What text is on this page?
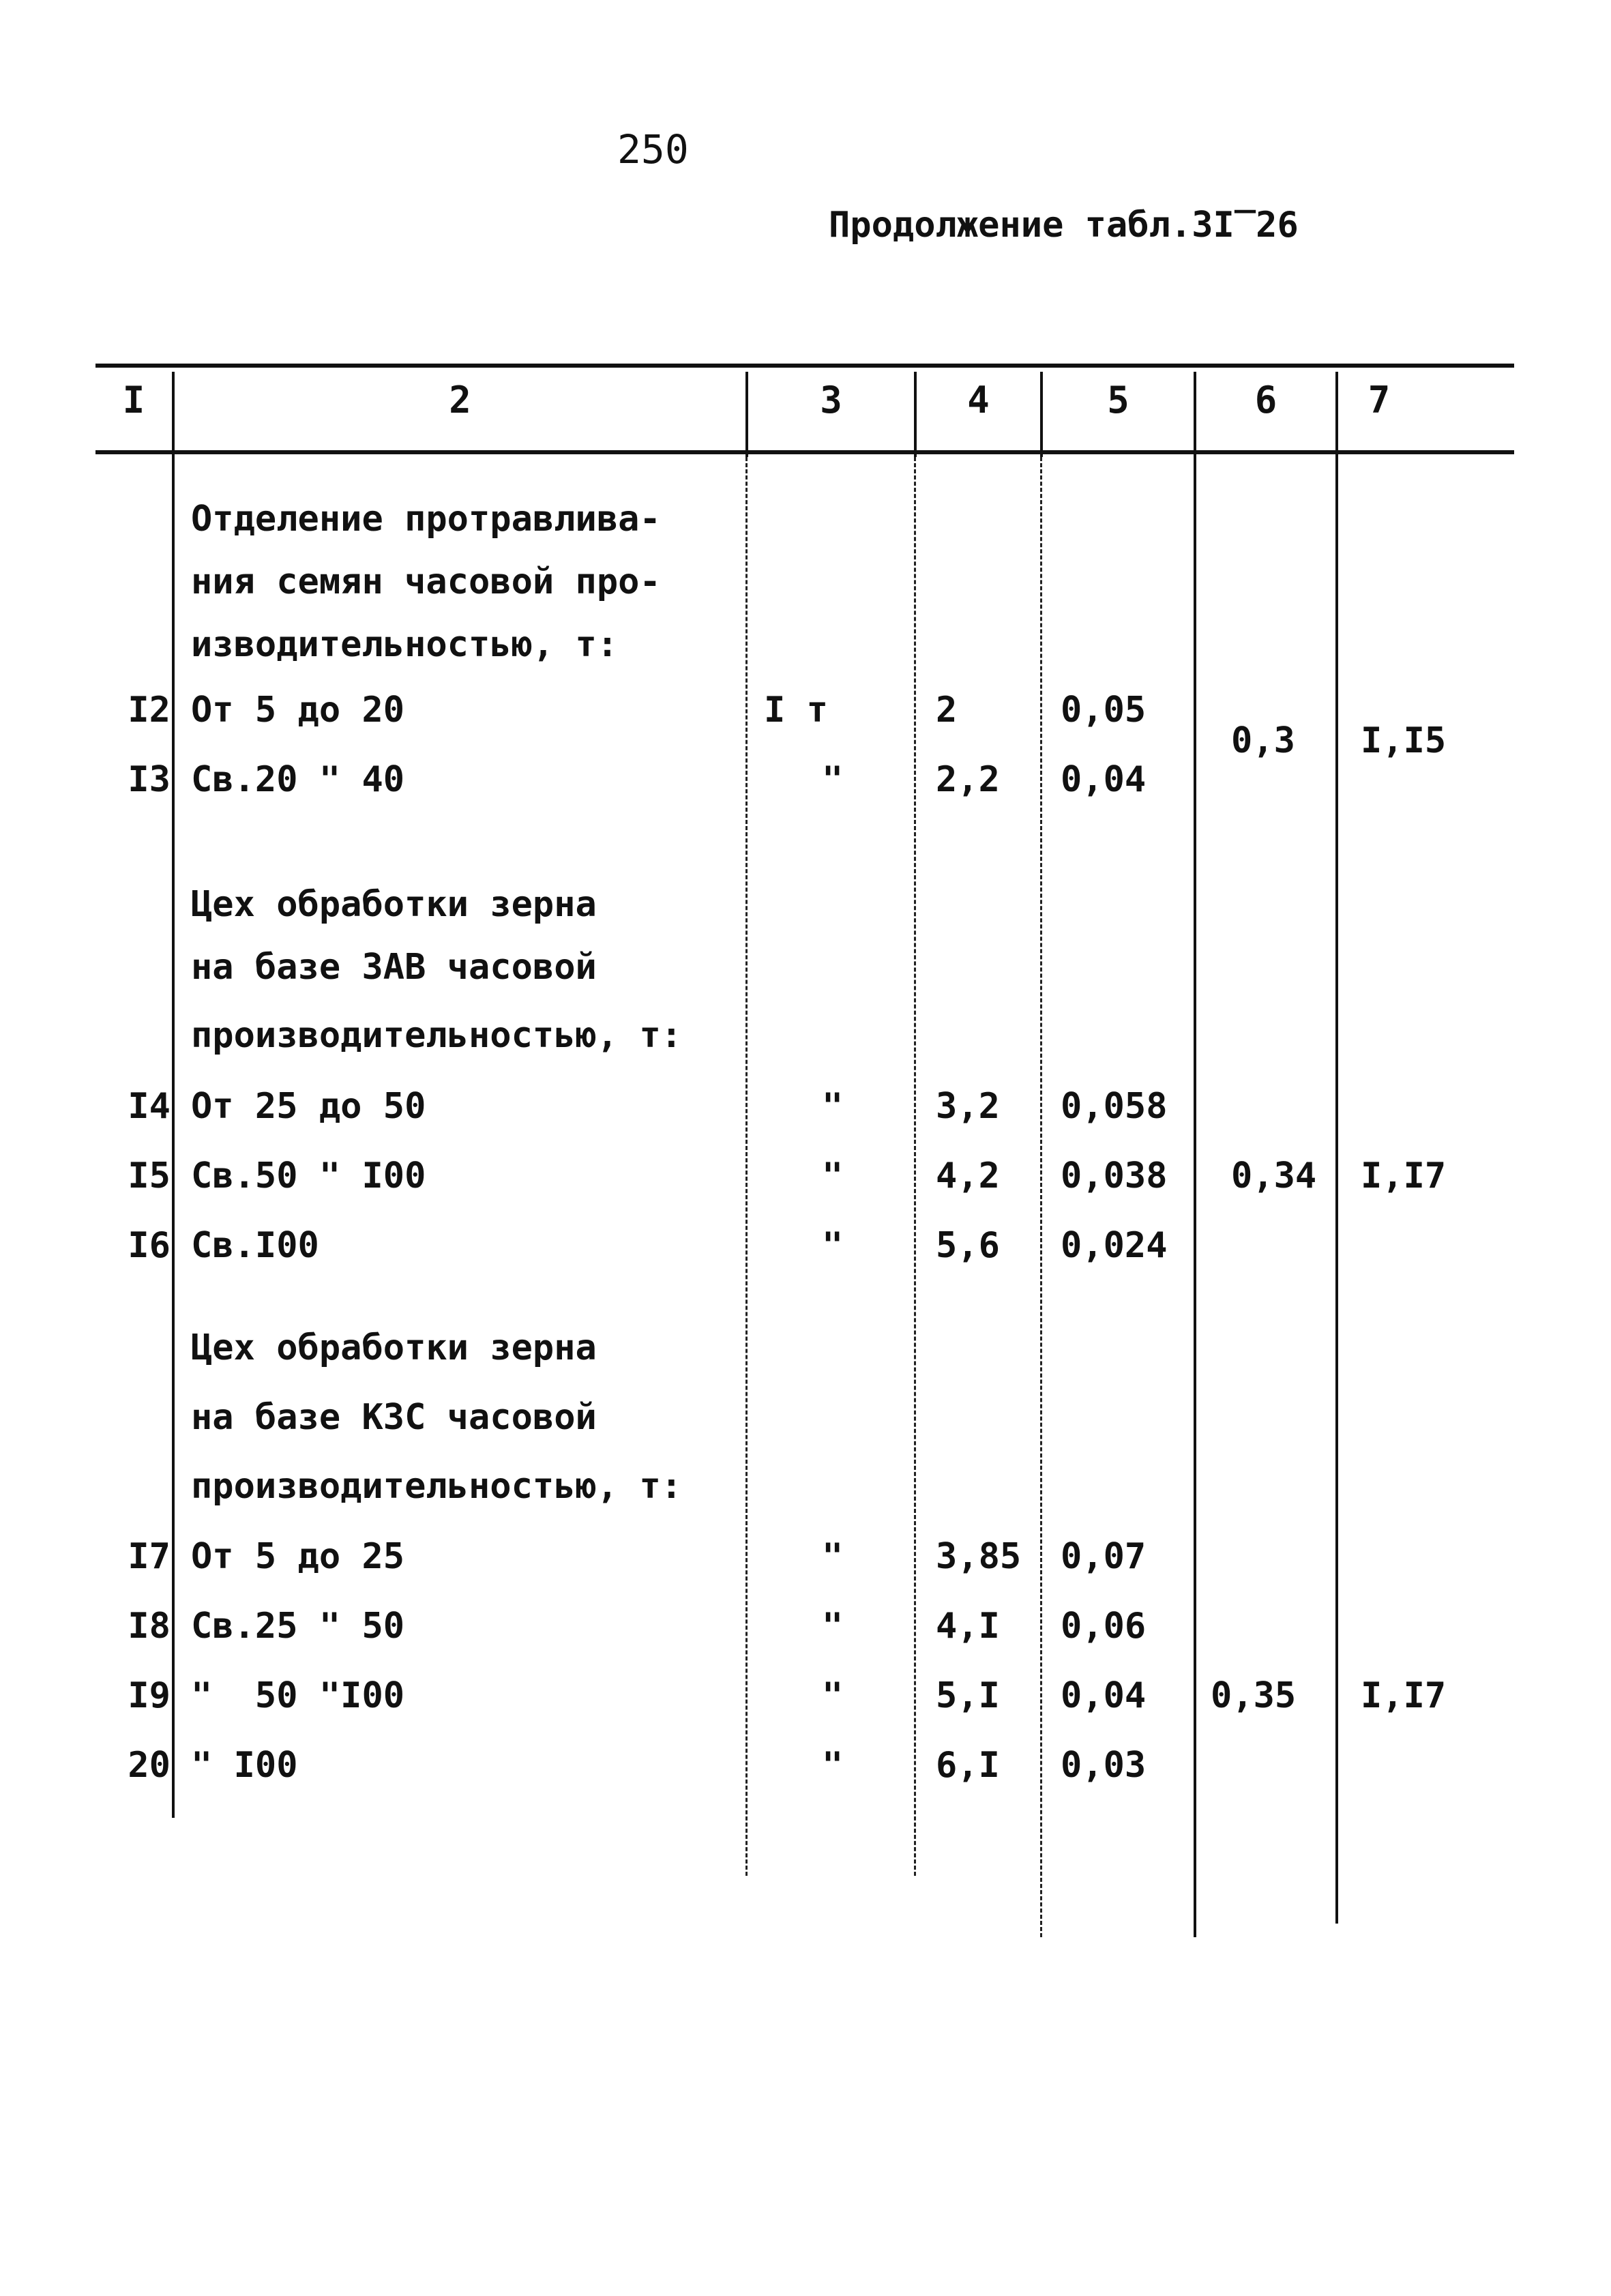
250
Продолжение табл.3I‾26
I	2	3	4	5	6	7
Отделение протравлива-
ния семян часовой про-
изводительностью, т:
I2 От 5 до 20	I т	2	0,05
I3 Св.20 " 40	"	2,2 0,04
0,3 I,I5
Цех обработки зерна
на базе ЗАВ часовой
производительностью, т:
I4 От 25 до 50	"	3,2 0,058
I5 Св.50 " I00	"	4,2 0,038
I6 Св.I00	"	5,6 0,024
0,34 I,I7
Цех обработки зерна
на базе КЗС часовой
производительностью, т:
I7 От 5 до 25	"	3,85 0,07
I8 Св.25 " 50	"	4,I 0,06
I9 "  50 "I00	"	5,I 0,04
20 " I00	"	6,I 0,03
0,35 I,I7
